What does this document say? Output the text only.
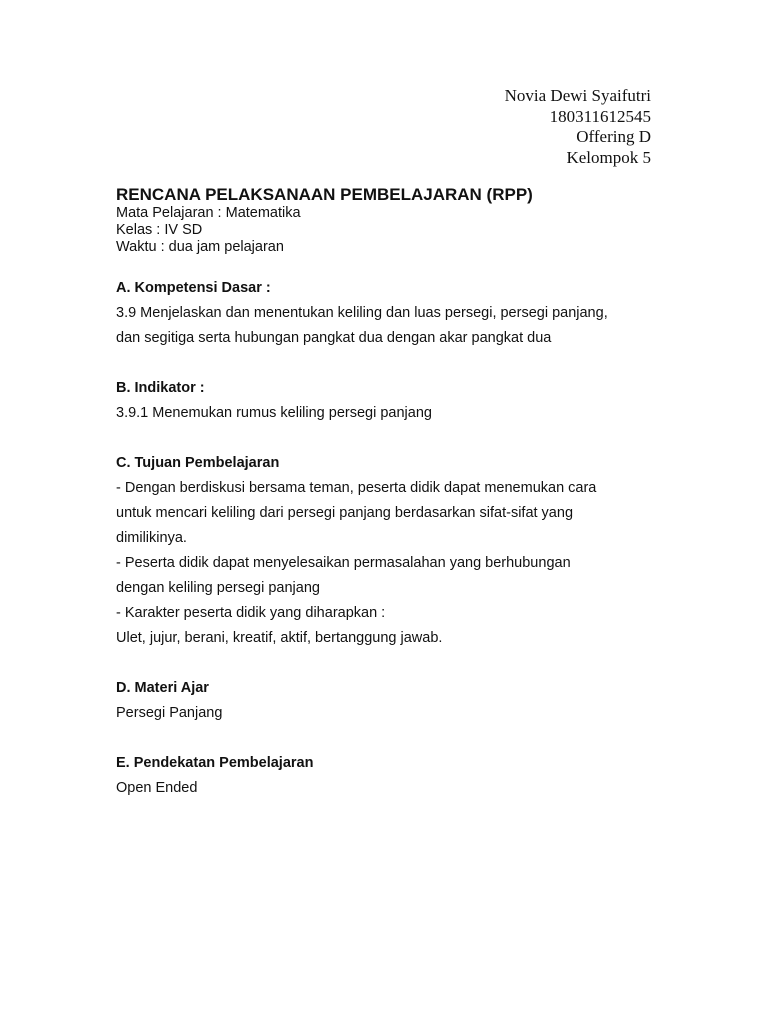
Novia Dewi Syaifutri
180311612545
Offering D
Kelompok 5
RENCANA PELAKSANAAN PEMBELAJARAN (RPP)
Mata Pelajaran : Matematika
Kelas : IV SD
Waktu : dua jam pelajaran
A. Kompetensi Dasar :
3.9 Menjelaskan dan menentukan keliling dan luas persegi, persegi panjang,
dan segitiga serta hubungan pangkat dua dengan akar pangkat dua
B. Indikator :
3.9.1 Menemukan rumus keliling persegi panjang
C. Tujuan Pembelajaran
- Dengan berdiskusi bersama teman, peserta didik dapat menemukan cara
untuk mencari keliling dari persegi panjang berdasarkan sifat-sifat yang
dimilikinya.
- Peserta didik dapat menyelesaikan permasalahan yang berhubungan
dengan keliling persegi panjang
- Karakter peserta didik yang diharapkan :
Ulet, jujur, berani, kreatif, aktif, bertanggung jawab.
D. Materi Ajar
Persegi Panjang
E. Pendekatan Pembelajaran
Open Ended
